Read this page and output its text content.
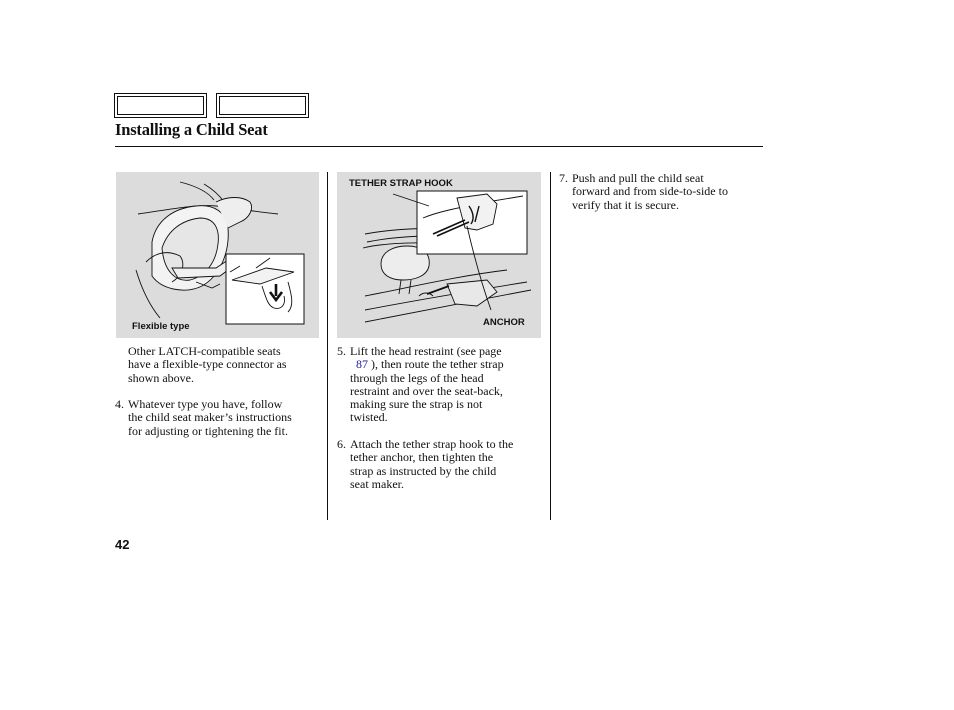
Installing a Child Seat
Flexible type
TETHER STRAP HOOK
ANCHOR
Other LATCH-compatible seats
have a flexible-type connector as
shown above.
4. Whatever type you have, follow
the child seat maker’s instructions
for adjusting or tightening the fit.
5. Lift the head restraint (see page
87 ), then route the tether strap
through the legs of the head
restraint and over the seat-back,
making sure the strap is not
twisted.
6. Attach the tether strap hook to the
tether anchor, then tighten the
strap as instructed by the child
seat maker.
7. Push and pull the child seat
forward and from side-to-side to
verify that it is secure.
42
